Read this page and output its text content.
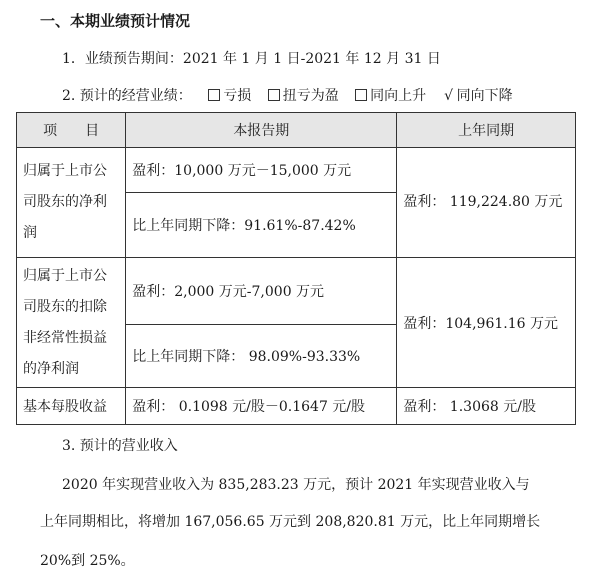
一、本期业绩预计情况
1．业绩预告期间：2021 年 1 月 1 日-2021 年 12 月 31 日
2. 预计的经营业绩： 亏损 扭亏为盈 同向上升 √ 同向下降
项　　目	本报告期	上年同期
归属于上市公司股东的净利润	盈利：10,000 万元－15,000 万元	盈利： 119,224.80 万元
	比上年同期下降：91.61%-87.42%	
归属于上市公司股东的扣除非经常性损益的净利润	盈利：2,000 万元-7,000 万元	盈利：104,961.16 万元
	比上年同期下降： 98.09%-93.33%	
基本每股收益	盈利： 0.1098 元/股－0.1647 元/股	盈利： 1.3068 元/股
3. 预计的营业收入
2020 年实现营业收入为 835,283.23 万元，预计 2021 年实现营业收入与
上年同期相比，将增加 167,056.65 万元到 208,820.81 万元，比上年同期增长
20%到 25%。
